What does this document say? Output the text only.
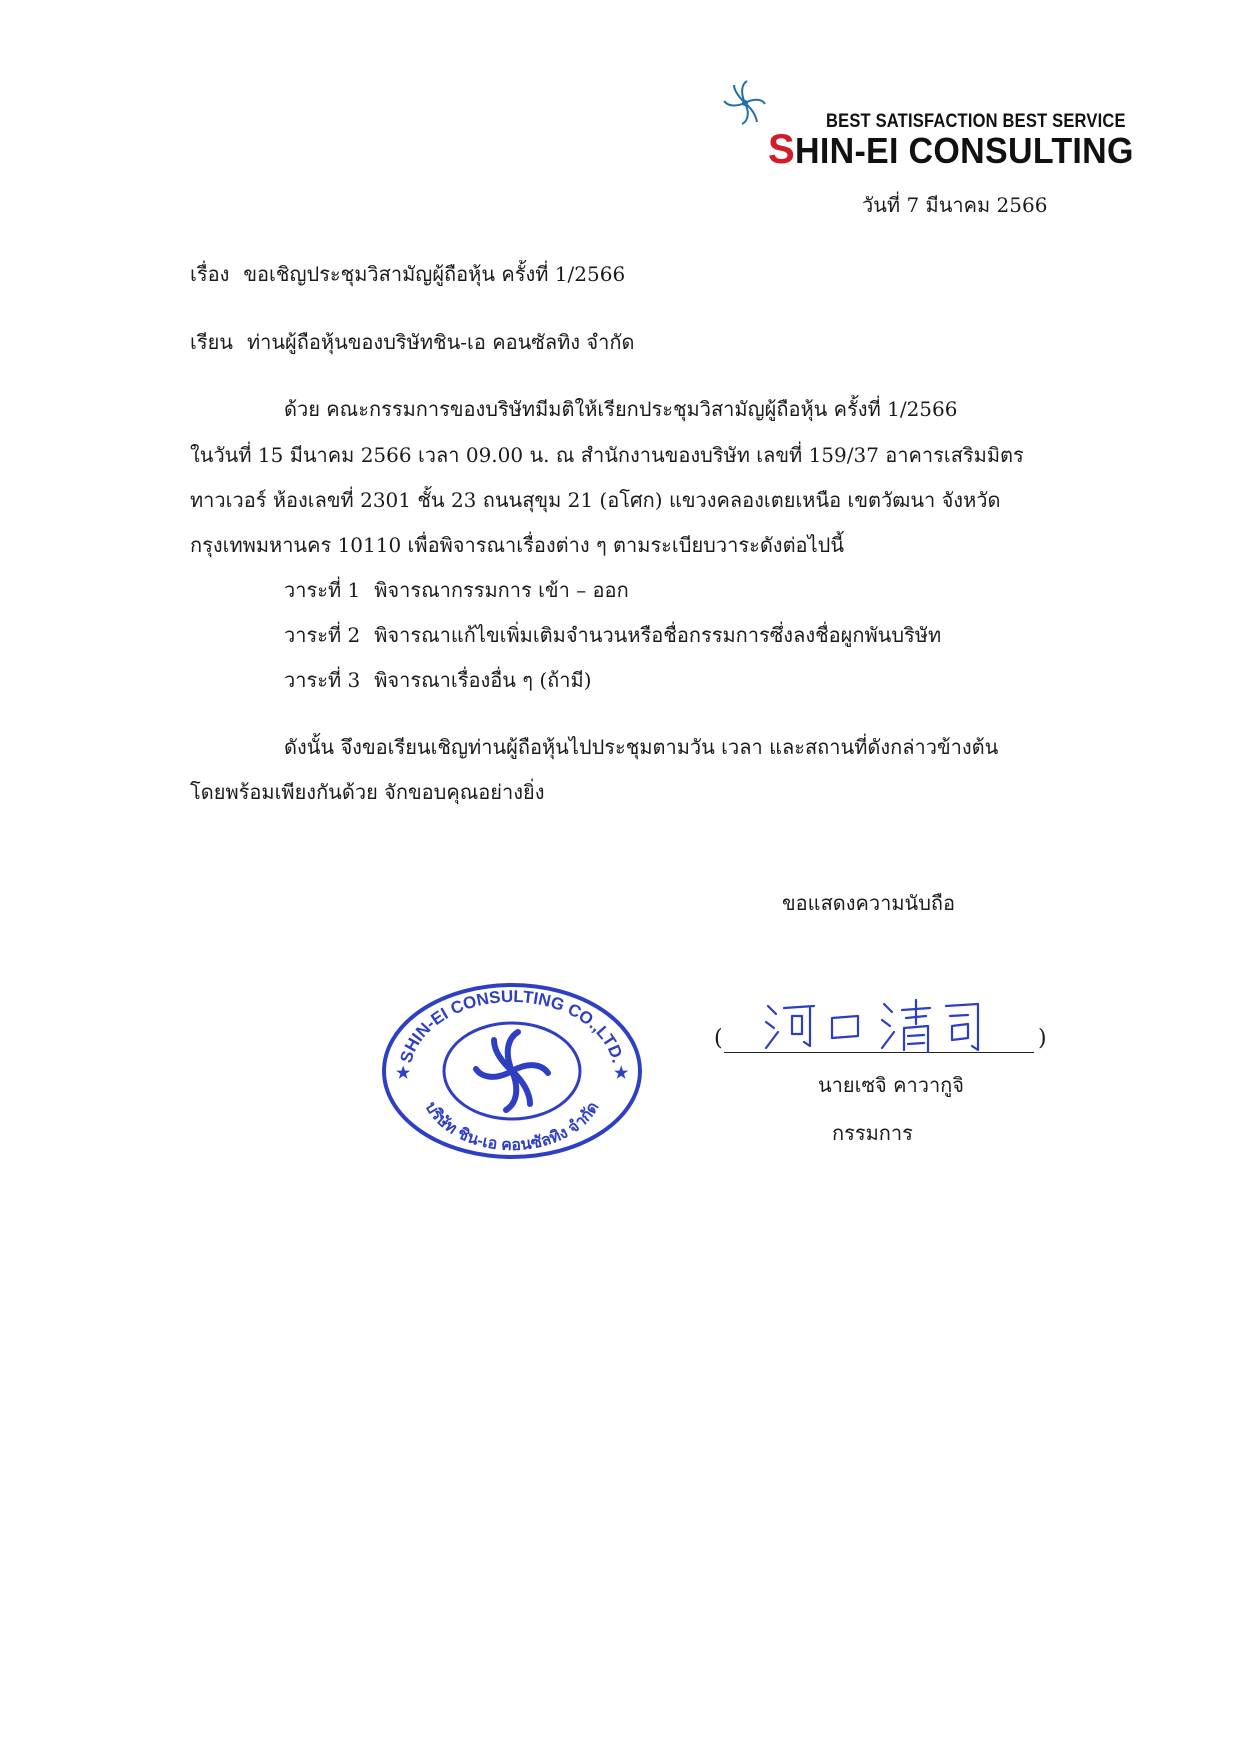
BEST SATISFACTION BEST SERVICE
SHIN-EI CONSULTING
วันที่ 7 มีนาคม 2566
เรื่อง ขอเชิญประชุมวิสามัญผู้ถือหุ้น ครั้งที่ 1/2566
เรียน ท่านผู้ถือหุ้นของบริษัทชิน-เอ คอนซัลทิง จำกัด
ด้วย คณะกรรมการของบริษัทมีมติให้เรียกประชุมวิสามัญผู้ถือหุ้น ครั้งที่ 1/2566
ในวันที่ 15 มีนาคม 2566 เวลา 09.00 น. ณ สำนักงานของบริษัท เลขที่ 159/37 อาคารเสริมมิตร
ทาวเวอร์ ห้องเลขที่ 2301 ชั้น 23 ถนนสุขุม 21 (อโศก) แขวงคลองเตยเหนือ เขตวัฒนา จังหวัด
กรุงเทพมหานคร 10110 เพื่อพิจารณาเรื่องต่าง ๆ ตามระเบียบวาระดังต่อไปนี้
วาระที่ 1 พิจารณากรรมการ เข้า – ออก
วาระที่ 2 พิจารณาแก้ไขเพิ่มเติมจำนวนหรือชื่อกรรมการซึ่งลงชื่อผูกพันบริษัท
วาระที่ 3 พิจารณาเรื่องอื่น ๆ (ถ้ามี)
ดังนั้น จึงขอเรียนเชิญท่านผู้ถือหุ้นไปประชุมตามวัน เวลา และสถานที่ดังกล่าวข้างต้น
โดยพร้อมเพียงกันด้วย จักขอบคุณอย่างยิ่ง
ขอแสดงความนับถือ
SHIN-EI CONSULTING CO.,LTD.
บริษัท ชิน-เอ คอนซัลทิง จำกัด
★	★
(	)
นายเซจิ คาวากูจิ
กรรมการ
